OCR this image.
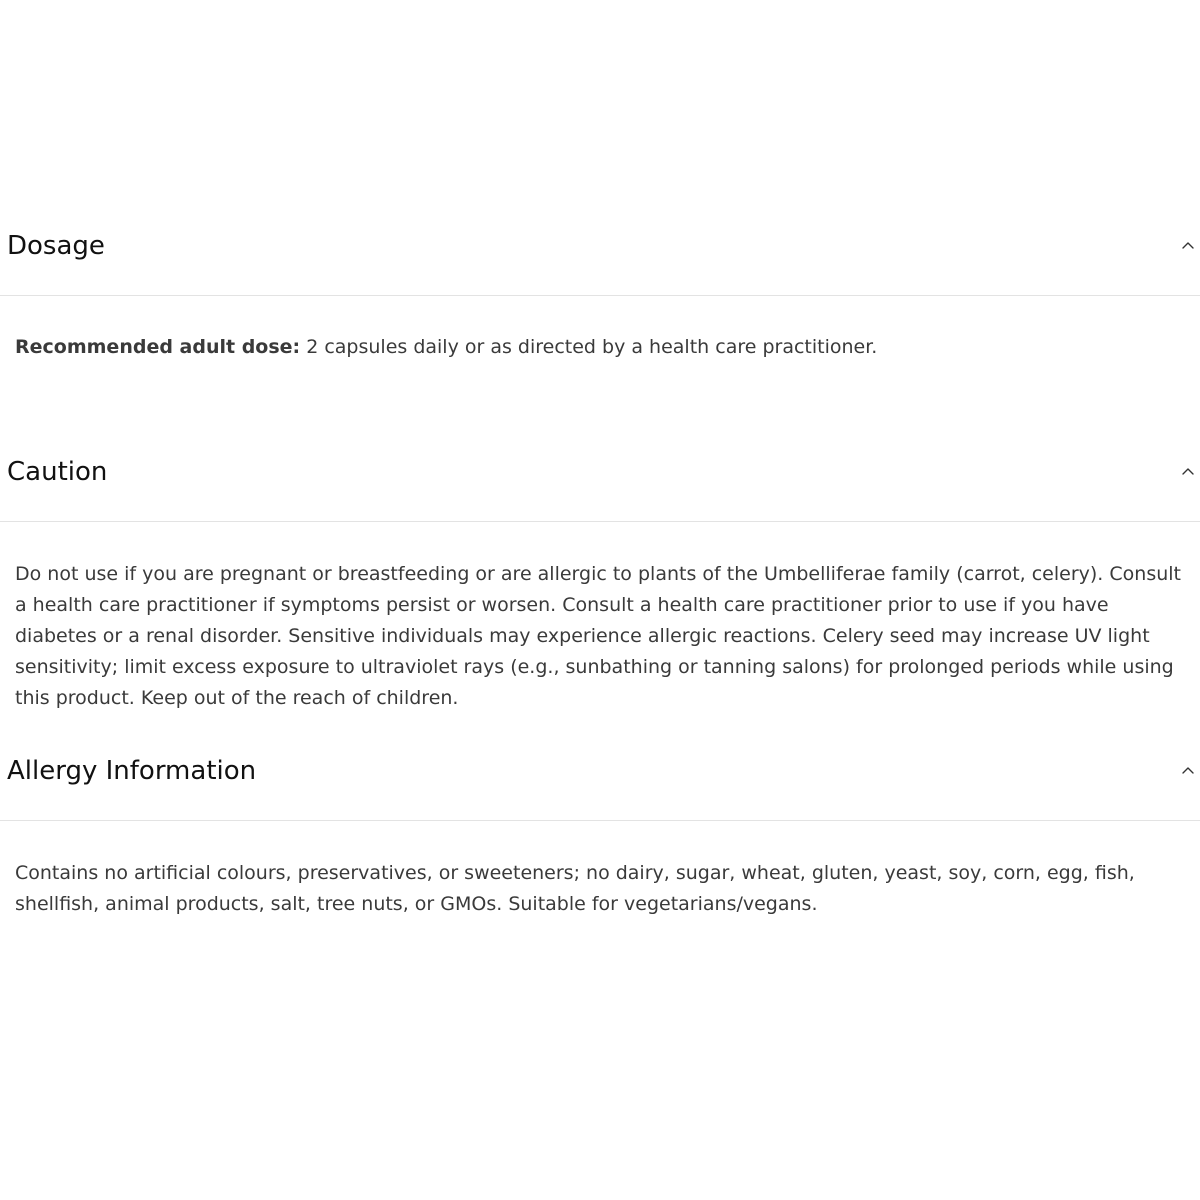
Dosage

Recommended adult dose: 2 capsules daily or as directed by a health care practitioner.

Caution

Do not use if you are pregnant or breastfeeding or are allergic to plants of the Umbelliferae family (carrot, celery). Consult a health care practitioner if symptoms persist or worsen. Consult a health care practitioner prior to use if you have diabetes or a renal disorder. Sensitive individuals may experience allergic reactions. Celery seed may increase UV light sensitivity; limit excess exposure to ultraviolet rays (e.g., sunbathing or tanning salons) for prolonged periods while using this product. Keep out of the reach of children.

Allergy Information

Contains no artificial colours, preservatives, or sweeteners; no dairy, sugar, wheat, gluten, yeast, soy, corn, egg, fish, shellfish, animal products, salt, tree nuts, or GMOs. Suitable for vegetarians/vegans.
